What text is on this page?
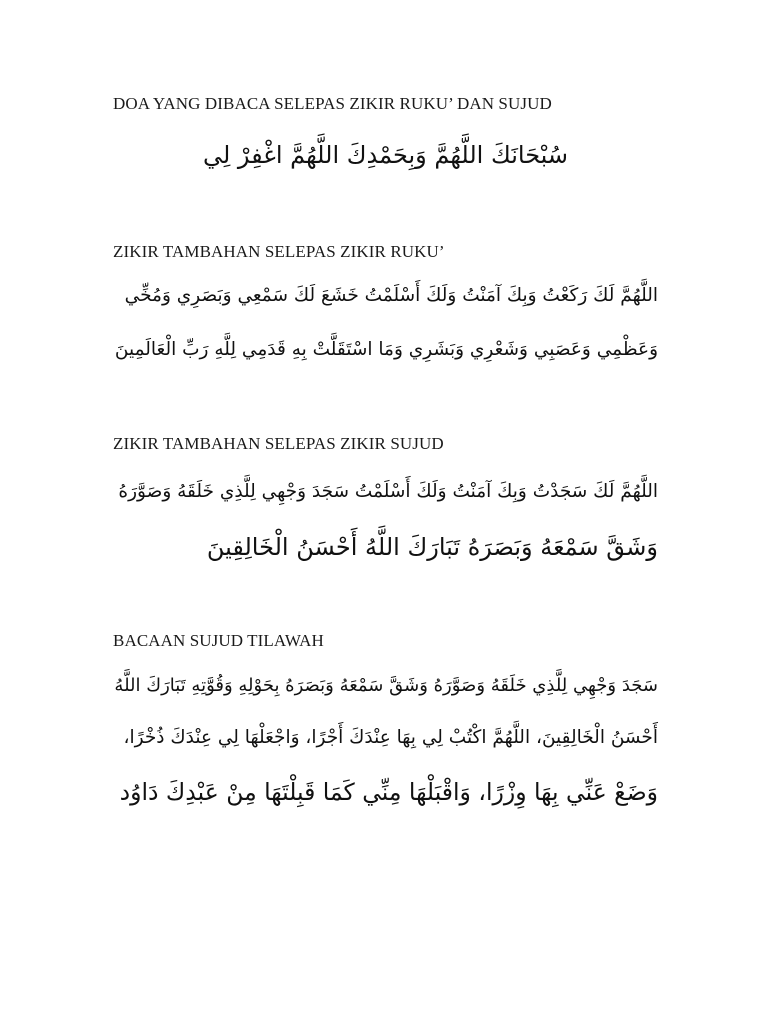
DOA YANG DIBACA SELEPAS ZIKIR RUKU’ DAN SUJUD
سُبْحَانَكَ اللَّهُمَّ وَبِحَمْدِكَ اللَّهُمَّ اغْفِرْ لِي
ZIKIR TAMBAHAN SELEPAS ZIKIR RUKU’
اللَّهُمَّ لَكَ رَكَعْتُ وَبِكَ آمَنْتُ وَلَكَ أَسْلَمْتُ خَشَعَ لَكَ سَمْعِي وَبَصَرِي وَمُخِّي
وَعَظْمِي وَعَصَبِي وَشَعْرِي وَبَشَرِي وَمَا اسْتَقَلَّتْ بِهِ قَدَمِي لِلَّهِ رَبِّ الْعَالَمِينَ
ZIKIR TAMBAHAN SELEPAS ZIKIR SUJUD
اللَّهُمَّ لَكَ سَجَدْتُ وَبِكَ آمَنْتُ وَلَكَ أَسْلَمْتُ سَجَدَ وَجْهِي لِلَّذِي خَلَقَهُ وَصَوَّرَهُ
وَشَقَّ سَمْعَهُ وَبَصَرَهُ تَبَارَكَ اللَّهُ أَحْسَنُ الْخَالِقِينَ
BACAAN SUJUD TILAWAH
سَجَدَ وَجْهِي لِلَّذِي خَلَقَهُ وَصَوَّرَهُ وَشَقَّ سَمْعَهُ وَبَصَرَهُ بِحَوْلِهِ وَقُوَّتِهِ تَبَارَكَ اللَّهُ
أَحْسَنُ الْخَالِقِينَ، اللَّهُمَّ اكْتُبْ لِي بِهَا عِنْدَكَ أَجْرًا، وَاجْعَلْهَا لِي عِنْدَكَ ذُخْرًا،
وَضَعْ عَنِّي بِهَا وِزْرًا، وَاقْبَلْهَا مِنِّي كَمَا قَبِلْتَهَا مِنْ عَبْدِكَ دَاوُد
